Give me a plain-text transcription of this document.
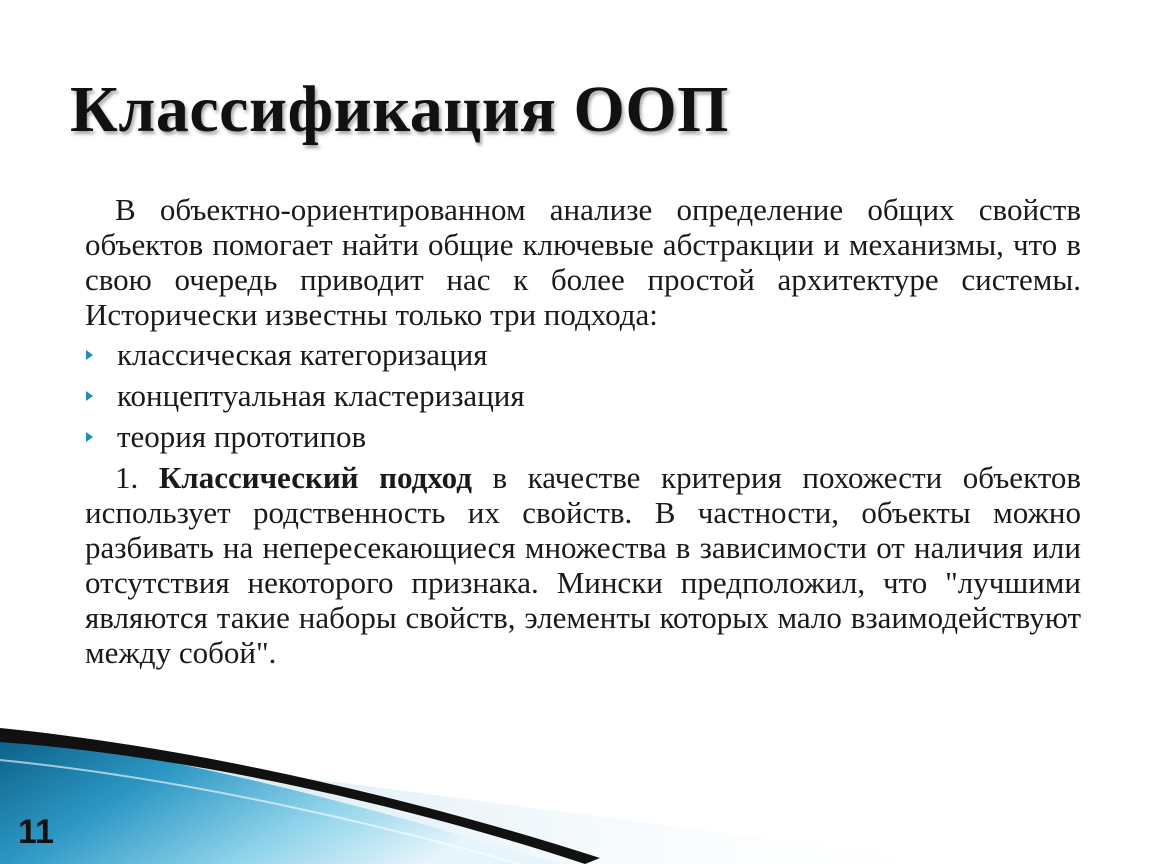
Классификация ООП

В объектно-ориентированном анализе определение общих свойств объектов помогает найти общие ключевые абстракции и механизмы, что в свою очередь приводит нас к более простой архитектуре системы. Исторически известны только три подхода:

классическая категоризация
концептуальная кластеризация
теория прототипов

1. Классический подход в качестве критерия похожести объектов использует родственность их свойств. В частности, объекты можно разбивать на непересекающиеся множества в зависимости от наличия или отсутствия некоторого признака. Мински предположил, что "лучшими являются такие наборы свойств, элементы которых мало взаимодействуют между собой".

11
